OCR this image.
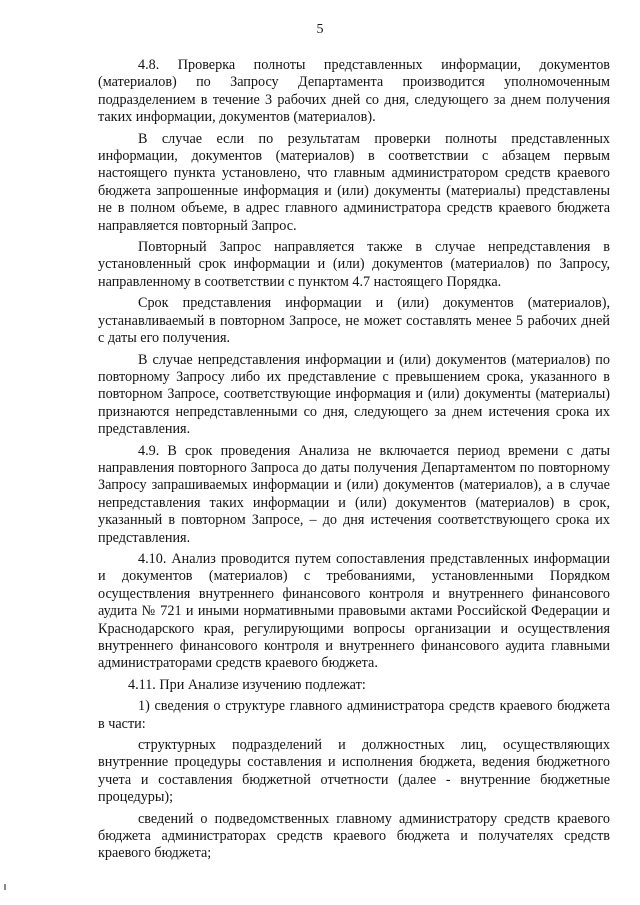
5

4.8. Проверка полноты представленных информации, документов (материалов) по Запросу Департамента производится уполномоченным подразделением в течение 3 рабочих дней со дня, следующего за днем получения таких информации, документов (материалов).

В случае если по результатам проверки полноты представленных информации, документов (материалов) в соответствии с абзацем первым настоящего пункта установлено, что главным администратором средств краевого бюджета запрошенные информация и (или) документы (материалы) представлены не в полном объеме, в адрес главного администратора средств краевого бюджета направляется повторный Запрос.

Повторный Запрос направляется также в случае непредставления в установленный срок информации и (или) документов (материалов) по Запросу, направленному в соответствии с пунктом 4.7 настоящего Порядка.

Срок представления информации и (или) документов (материалов), устанавливаемый в повторном Запросе, не может составлять менее 5 рабочих дней с даты его получения.

В случае непредставления информации и (или) документов (материалов) по повторному Запросу либо их представление с превышением срока, указанного в повторном Запросе, соответствующие информация и (или) документы (материалы) признаются непредставленными со дня, следующего за днем истечения срока их представления.

4.9. В срок проведения Анализа не включается период времени с даты направления повторного Запроса до даты получения Департаментом по повторному Запросу запрашиваемых информации и (или) документов (материалов), а в случае непредставления таких информации и (или) документов (материалов) в срок, указанный в повторном Запросе, – до дня истечения соответствующего срока их представления.

4.10. Анализ проводится путем сопоставления представленных информации и документов (материалов) с требованиями, установленными Порядком осуществления внутреннего финансового контроля и внутреннего финансового аудита № 721 и иными нормативными правовыми актами Российской Федерации и Краснодарского края, регулирующими вопросы организации и осуществления внутреннего финансового контроля и внутреннего финансового аудита главными администраторами средств краевого бюджета.

4.11. При Анализе изучению подлежат:

1) сведения о структуре главного администратора средств краевого бюджета в части:

структурных подразделений и должностных лиц, осуществляющих внутренние процедуры составления и исполнения бюджета, ведения бюджетного учета и составления бюджетной отчетности (далее - внутренние бюджетные процедуры);

сведений о подведомственных главному администратору средств краевого бюджета администраторах средств краевого бюджета и получателях средств краевого бюджета;
